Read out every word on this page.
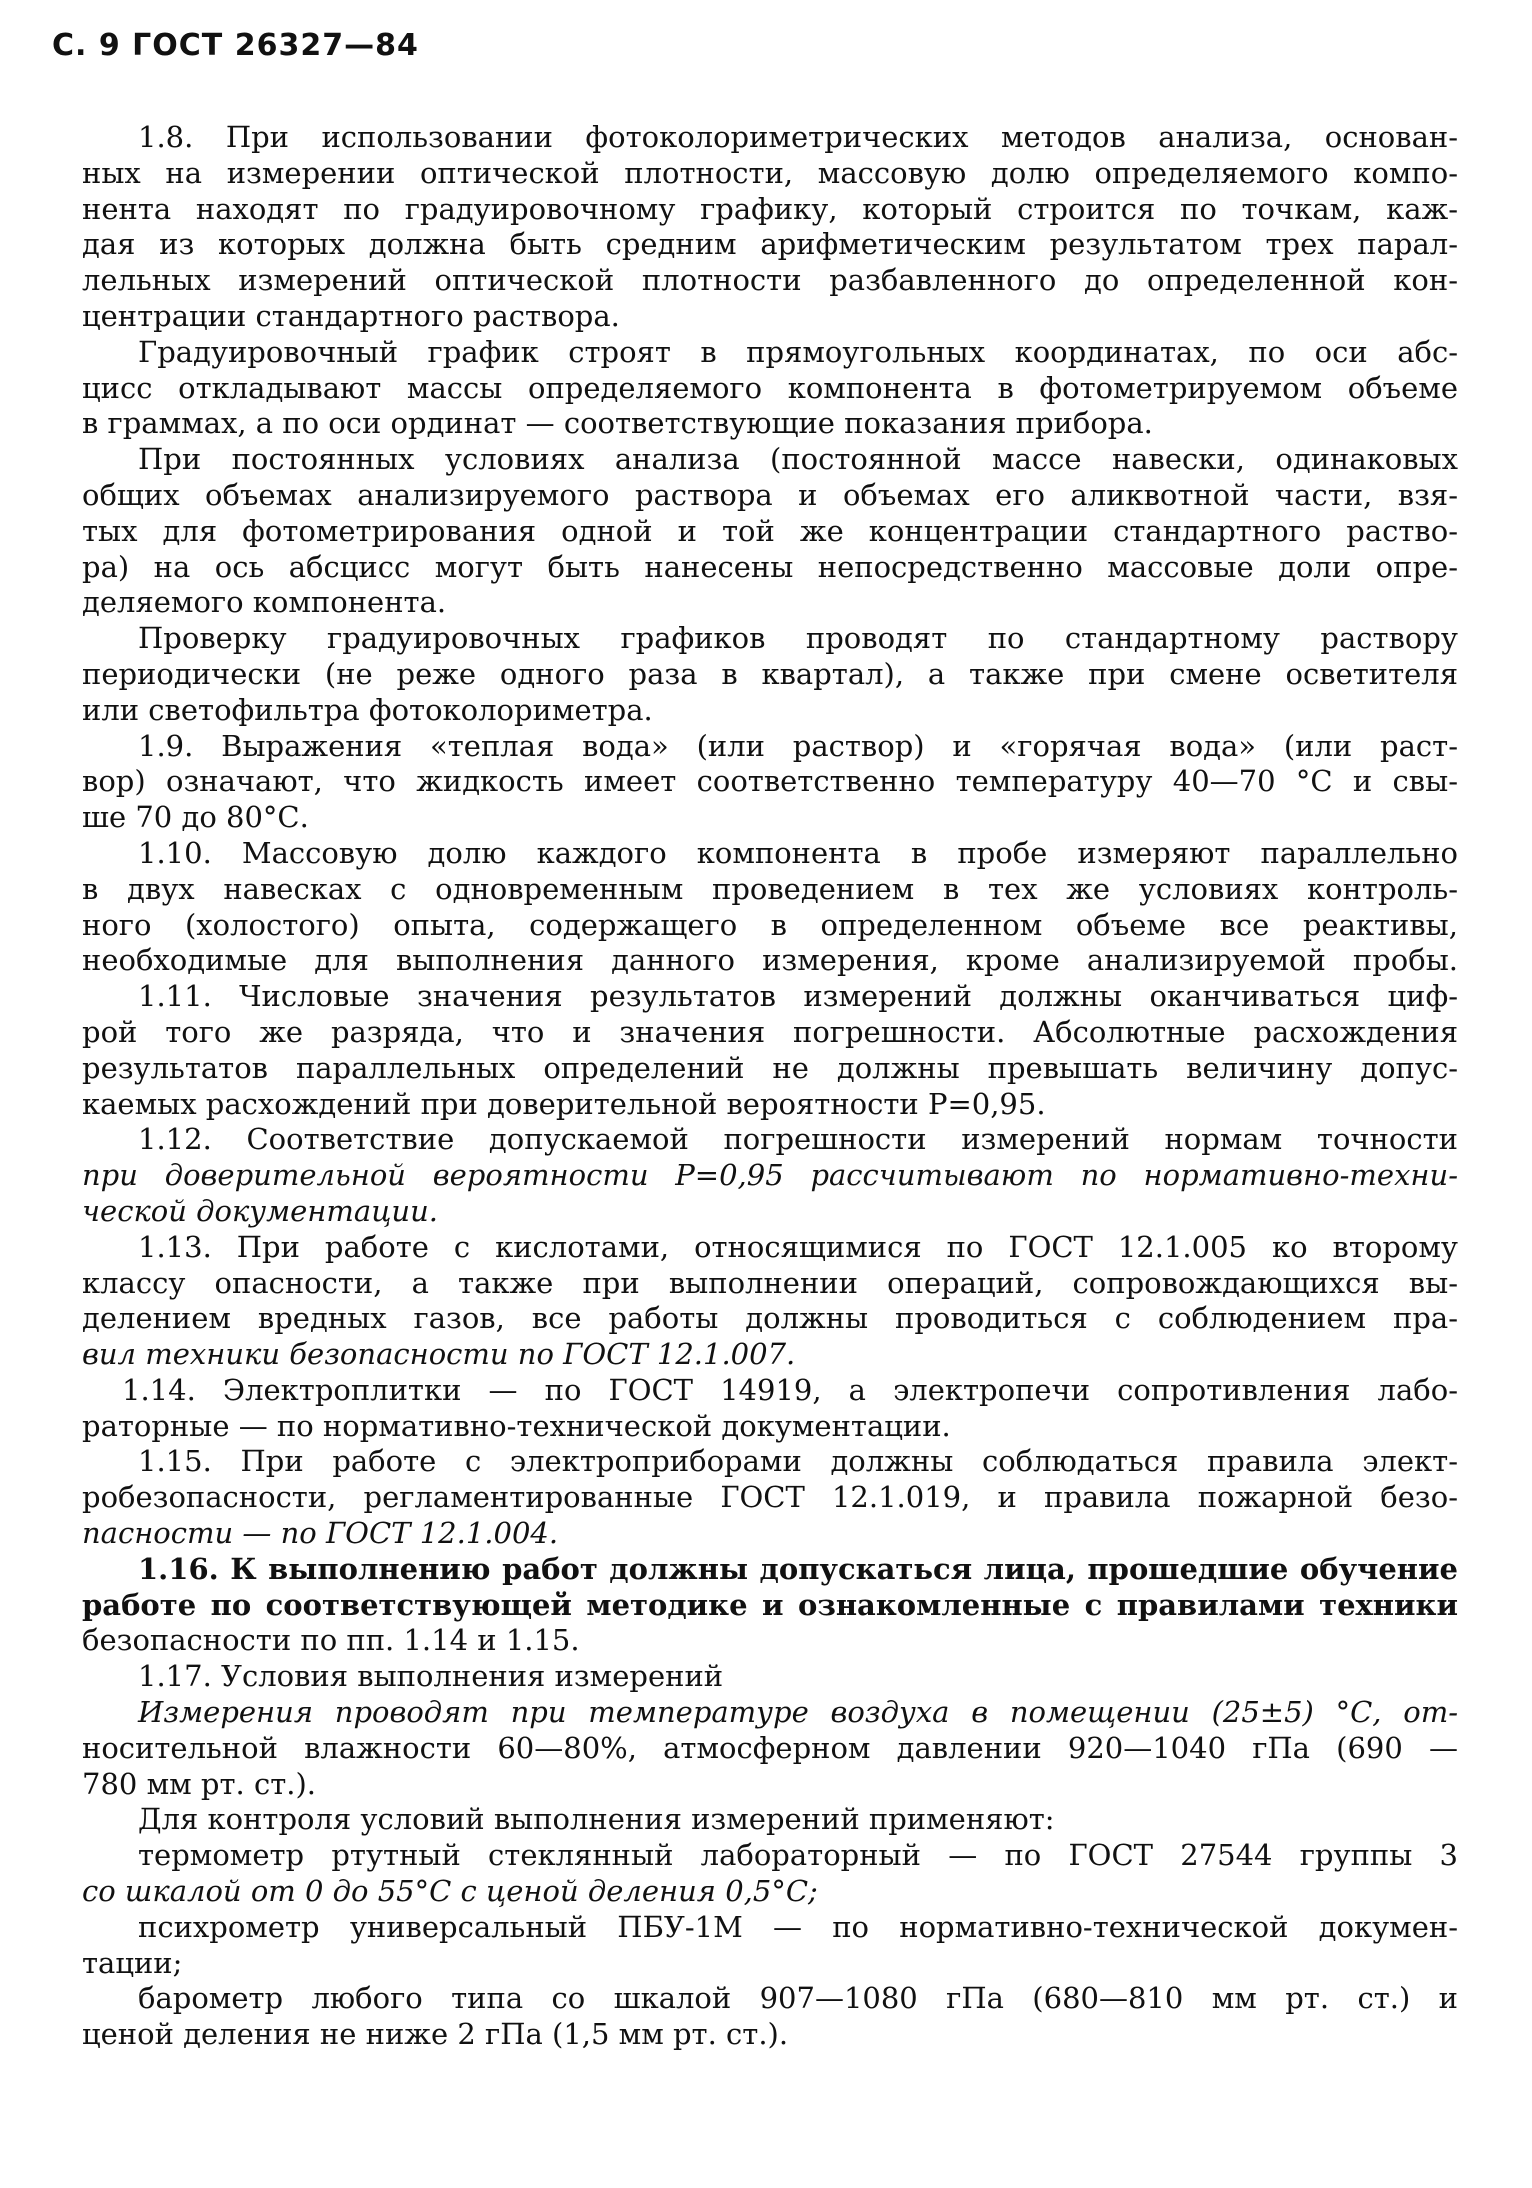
С. 9 ГОСТ 26327—84
1.8. При использовании фотоколориметрических методов анализа, основан-
ных на измерении оптической плотности, массовую долю определяемого компо-
нента находят по градуировочному графику, который строится по точкам, каж-
дая из которых должна быть средним арифметическим результатом трех парал-
лельных измерений оптической плотности разбавленного до определенной кон-
центрации стандартного раствора.
Градуировочный график строят в прямоугольных координатах, по оси абс-
цисс откладывают массы определяемого компонента в фотометрируемом объеме
в граммах, а по оси ординат — соответствующие показания прибора.
При постоянных условиях анализа (постоянной массе навески, одинаковых
общих объемах анализируемого раствора и объемах его аликвотной части, взя-
тых для фотометрирования одной и той же концентрации стандартного раство-
ра) на ось абсцисс могут быть нанесены непосредственно массовые доли опре-
деляемого компонента.
Проверку градуировочных графиков проводят по стандартному раствору
периодически (не реже одного раза в квартал), а также при смене осветителя
или светофильтра фотоколориметра.
1.9. Выражения «теплая вода» (или раствор) и «горячая вода» (или раст-
вор) означают, что жидкость имеет соответственно температуру 40—70 °С и свы-
ше 70 до 80°С.
1.10. Массовую долю каждого компонента в пробе измеряют параллельно
в двух навесках с одновременным проведением в тех же условиях контроль-
ного (холостого) опыта, содержащего в определенном объеме все реактивы,
необходимые для выполнения данного измерения, кроме анализируемой пробы.
1.11. Числовые значения результатов измерений должны оканчиваться циф-
рой того же разряда, что и значения погрешности. Абсолютные расхождения
результатов параллельных определений не должны превышать величину допус-
каемых расхождений при доверительной вероятности P=0,95.
1.12. Соответствие допускаемой погрешности измерений нормам точности
при доверительной вероятности P=0,95 рассчитывают по нормативно-техни-
ческой документации.
1.13. При работе с кислотами, относящимися по ГОСТ 12.1.005 ко второму
классу опасности, а также при выполнении операций, сопровождающихся вы-
делением вредных газов, все работы должны проводиться с соблюдением пра-
вил техники безопасности по ГОСТ 12.1.007.
1.14. Электроплитки — по ГОСТ 14919, а электропечи сопротивления лабо-
раторные — по нормативно-технической документации.
1.15. При работе с электроприборами должны соблюдаться правила элект-
робезопасности, регламентированные ГОСТ 12.1.019, и правила пожарной безо-
пасности — по ГОСТ 12.1.004.
1.16. К выполнению работ должны допускаться лица, прошедшие обучение
работе по соответствующей методике и ознакомленные с правилами техники
безопасности по пп. 1.14 и 1.15.
1.17. Условия выполнения измерений
Измерения проводят при температуре воздуха в помещении (25±5) °С, от-
носительной влажности 60—80%, атмосферном давлении 920—1040 гПа (690 —
780 мм рт. ст.).
Для контроля условий выполнения измерений применяют:
термометр ртутный стеклянный лабораторный — по ГОСТ 27544 группы 3
со шкалой от 0 до 55°С с ценой деления 0,5°С;
психрометр универсальный ПБУ-1М — по нормативно-технической докумен-
тации;
барометр любого типа со шкалой 907—1080 гПа (680—810 мм рт. ст.) и
ценой деления не ниже 2 гПа (1,5 мм рт. ст.).
